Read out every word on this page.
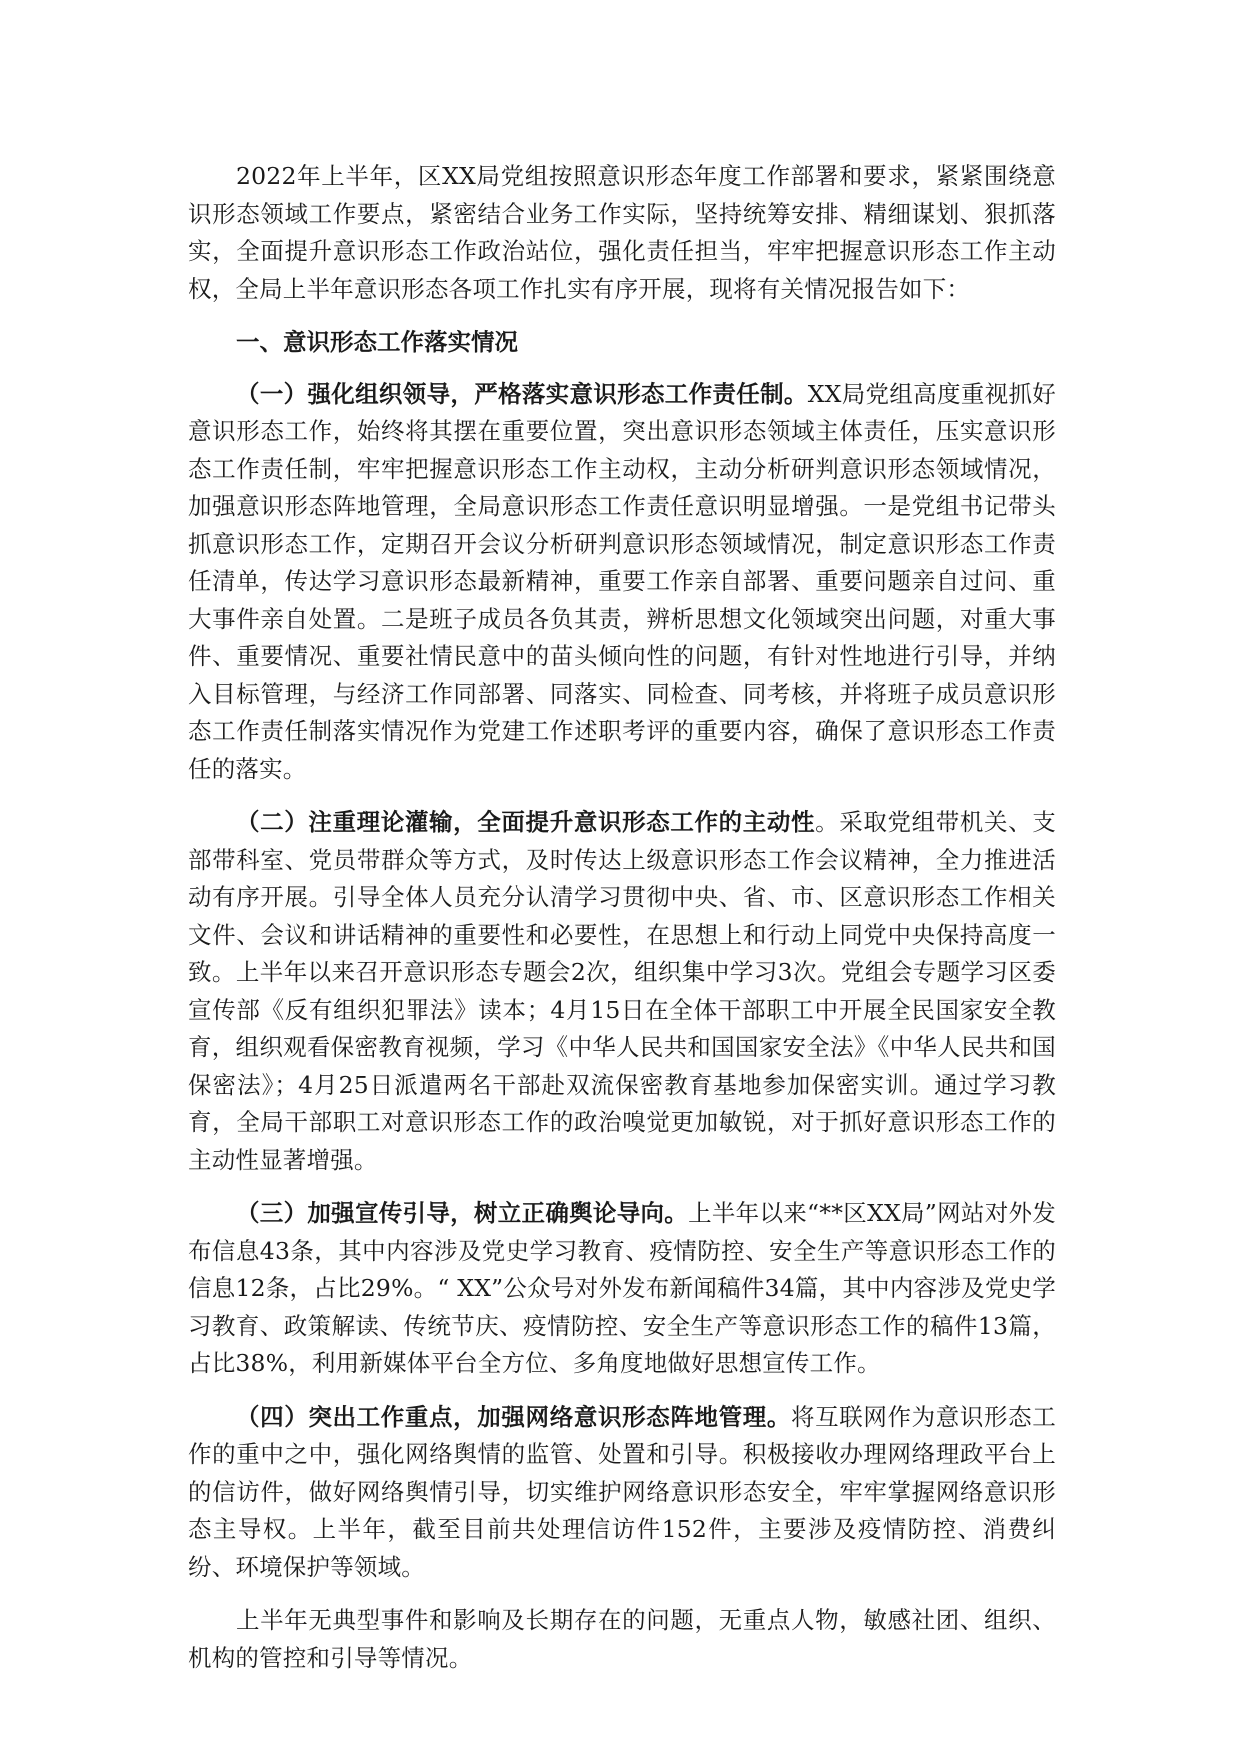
2022年上半年，区XX局党组按照意识形态年度工作部署和要求，紧紧围绕意识形态领域工作要点，紧密结合业务工作实际，坚持统筹安排、精细谋划、狠抓落实，全面提升意识形态工作政治站位，强化责任担当，牢牢把握意识形态工作主动权，全局上半年意识形态各项工作扎实有序开展，现将有关情况报告如下：

一、意识形态工作落实情况

（一）强化组织领导，严格落实意识形态工作责任制。XX局党组高度重视抓好意识形态工作，始终将其摆在重要位置，突出意识形态领域主体责任，压实意识形态工作责任制，牢牢把握意识形态工作主动权，主动分析研判意识形态领域情况，加强意识形态阵地管理，全局意识形态工作责任意识明显增强。一是党组书记带头抓意识形态工作，定期召开会议分析研判意识形态领域情况，制定意识形态工作责任清单，传达学习意识形态最新精神，重要工作亲自部署、重要问题亲自过问、重大事件亲自处置。二是班子成员各负其责，辨析思想文化领域突出问题，对重大事件、重要情况、重要社情民意中的苗头倾向性的问题，有针对性地进行引导，并纳入目标管理，与经济工作同部署、同落实、同检查、同考核，并将班子成员意识形态工作责任制落实情况作为党建工作述职考评的重要内容，确保了意识形态工作责任的落实。

（二）注重理论灌输，全面提升意识形态工作的主动性。采取党组带机关、支部带科室、党员带群众等方式，及时传达上级意识形态工作会议精神，全力推进活动有序开展。引导全体人员充分认清学习贯彻中央、省、市、区意识形态工作相关文件、会议和讲话精神的重要性和必要性，在思想上和行动上同党中央保持高度一致。上半年以来召开意识形态专题会2次，组织集中学习3次。党组会专题学习区委宣传部《反有组织犯罪法》读本；4月15日在全体干部职工中开展全民国家安全教育，组织观看保密教育视频，学习《中华人民共和国国家安全法》《中华人民共和国保密法》；4月25日派遣两名干部赴双流保密教育基地参加保密实训。通过学习教育，全局干部职工对意识形态工作的政治嗅觉更加敏锐，对于抓好意识形态工作的主动性显著增强。

（三）加强宣传引导，树立正确舆论导向。上半年以来“**区XX局”网站对外发布信息43条，其中内容涉及党史学习教育、疫情防控、安全生产等意识形态工作的信息12条，占比29%。“ XX”公众号对外发布新闻稿件34篇，其中内容涉及党史学习教育、政策解读、传统节庆、疫情防控、安全生产等意识形态工作的稿件13篇，占比38%，利用新媒体平台全方位、多角度地做好思想宣传工作。

（四）突出工作重点，加强网络意识形态阵地管理。将互联网作为意识形态工作的重中之中，强化网络舆情的监管、处置和引导。积极接收办理网络理政平台上的信访件，做好网络舆情引导，切实维护网络意识形态安全，牢牢掌握网络意识形态主导权。上半年，截至目前共处理信访件152件，主要涉及疫情防控、消费纠纷、环境保护等领域。

上半年无典型事件和影响及长期存在的问题，无重点人物，敏感社团、组织、机构的管控和引导等情况。
